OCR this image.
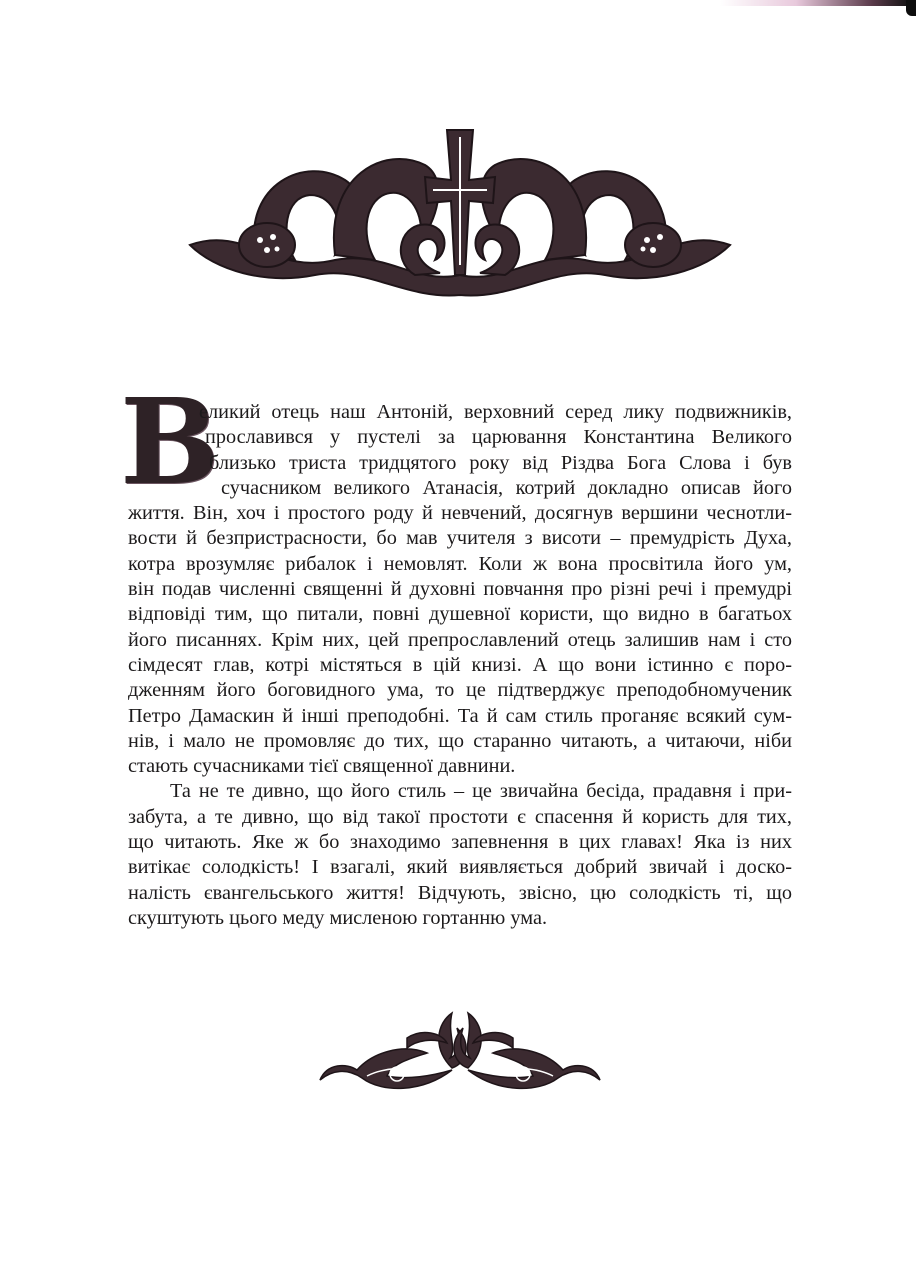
В
еликий отець наш Антоній, верховний серед лику подвижників,
прославився у пустелі за царювання Константина Великого
близько триста тридцятого року від Різдва Бога Слова і був
сучасником великого Атанасія, котрий докладно описав його
життя. Він, хоч і простого роду й невчений, досягнув вершини чеснотли-
вости й безпристрасности, бо мав учителя з висоти – премудрість Духа,
котра врозумляє рибалок і немовлят. Коли ж вона просвітила його ум,
він подав численні священні й духовні повчання про різні речі і премудрі
відповіді тим, що питали, повні душевної користи, що видно в багатьох
його писаннях. Крім них, цей препрославлений отець залишив нам і сто
сімдесят глав, котрі містяться в цій книзі. А що вони істинно є поро-
дженням його боговидного ума, то це підтверджує преподобномученик
Петро Дамаскин й інші преподобні. Та й сам стиль проганяє всякий сум-
нів, і мало не промовляє до тих, що старанно читають, а читаючи, ніби
стають сучасниками тієї священної давнини.
Та не те дивно, що його стиль – це звичайна бесіда, прадавня і при-
забута, а те дивно, що від такої простоти є спасення й користь для тих,
що читають. Яке ж бо знаходимо запевнення в цих главах! Яка із них
витікає солодкість! І взагалі, який виявляється добрий звичай і доско-
налість євангельського життя! Відчують, звісно, цю солодкість ті, що
скуштують цього меду мисленою гортанню ума.
